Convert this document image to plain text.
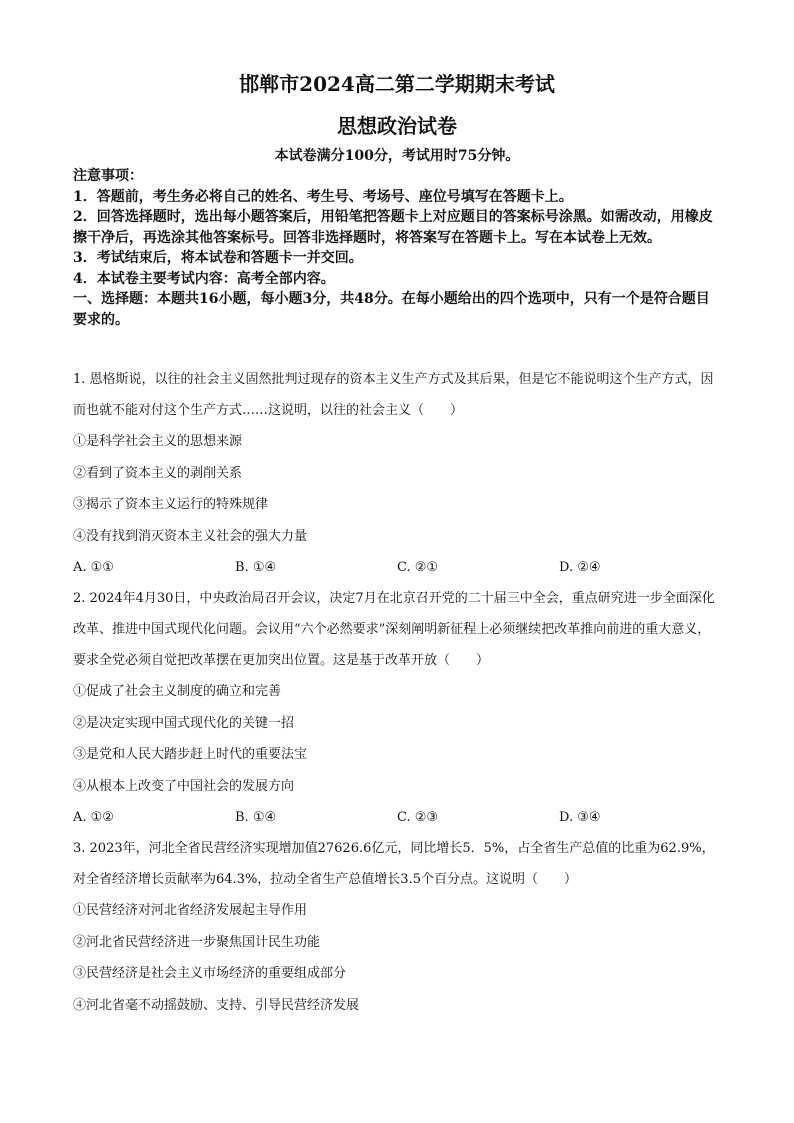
邯郸市2024高二第二学期期末考试
思想政治试卷
本试卷满分100分，考试用时75分钟。

注意事项：

1．答题前，考生务必将自己的姓名、考生号、考场号、座位号填写在答题卡上。

2．回答选择题时，选出每小题答案后，用铅笔把答题卡上对应题目的答案标号涂黑。如需改动，用橡皮擦干净后，再选涂其他答案标号。回答非选择题时，将答案写在答题卡上。写在本试卷上无效。

3．考试结束后，将本试卷和答题卡一并交回。

4．本试卷主要考试内容：高考全部内容。

一、选择题：本题共16小题，每小题3分，共48分。在每小题给出的四个选项中，只有一个是符合题目要求的。

1. 恩格斯说，以往的社会主义固然批判过现存的资本主义生产方式及其后果，但是它不能说明这个生产方式，因而也就不能对付这个生产方式……这说明，以往的社会主义（　　）

①是科学社会主义的思想来源

②看到了资本主义的剥削关系

③揭示了资本主义运行的特殊规律

④没有找到消灭资本主义社会的强大力量

A. ①①	B. ①④	C. ②①	D. ②④

2. 2024年4月30日，中央政治局召开会议，决定7月在北京召开党的二十届三中全会，重点研究进一步全面深化改革、推进中国式现代化问题。会议用“六个必然要求”深刻阐明新征程上必须继续把改革推向前进的重大意义，要求全党必须自觉把改革摆在更加突出位置。这是基于改革开放（　　）

①促成了社会主义制度的确立和完善

②是决定实现中国式现代化的关键一招

③是党和人民大踏步赶上时代的重要法宝

④从根本上改变了中国社会的发展方向

A. ①②	B. ①④	C. ②③	D. ③④

3. 2023年，河北全省民营经济实现增加值27626.6亿元，同比增长5．5%，占全省生产总值的比重为62.9%，对全省经济增长贡献率为64.3%，拉动全省生产总值增长3.5个百分点。这说明（　　）

①民营经济对河北省经济发展起主导作用

②河北省民营经济进一步聚焦国计民生功能

③民营经济是社会主义市场经济的重要组成部分

④河北省毫不动摇鼓励、支持、引导民营经济发展
